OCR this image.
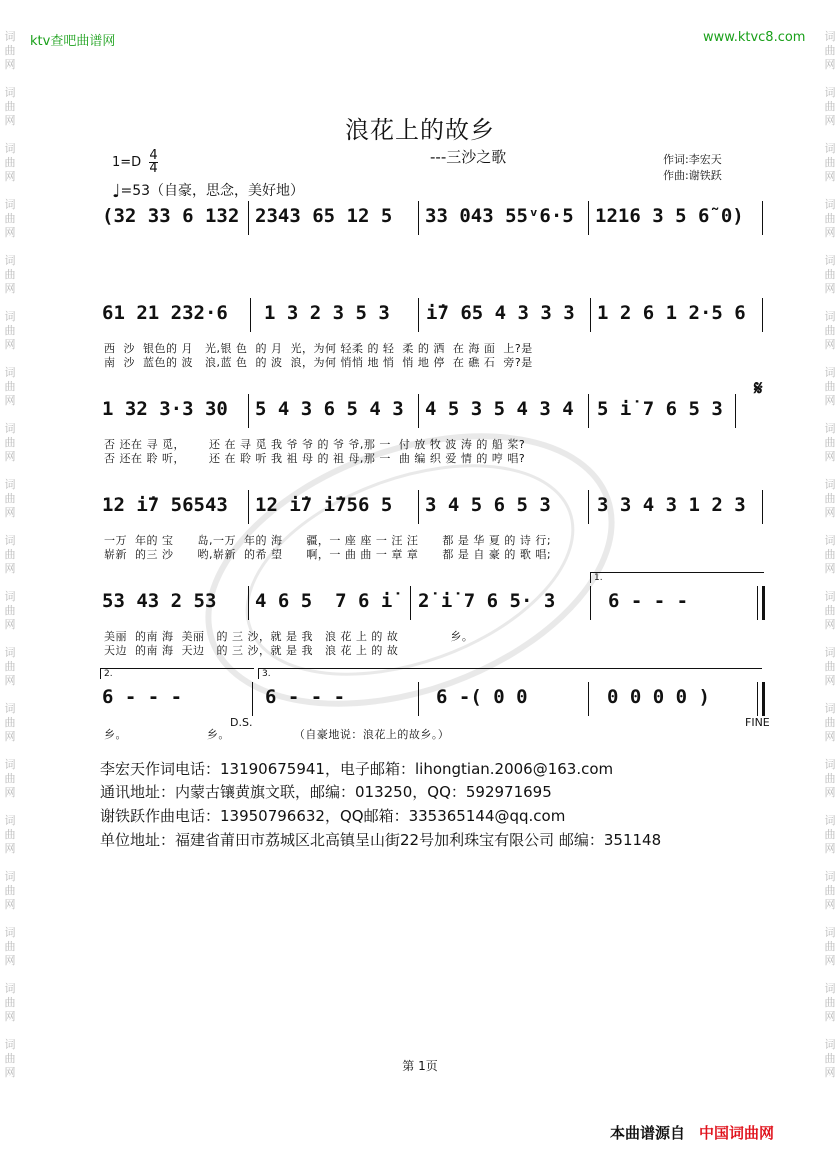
词
曲
网
词
曲
网
词
曲
网
词
曲
网
词
曲
网
词
曲
网
词
曲
网
词
曲
网
词
曲
网
词
曲
网
词
曲
网
词
曲
网
词
曲
网
词
曲
网
词
曲
网
词
曲
网
词
曲
网
词
曲
网
词
曲
网
词
曲
网
词
曲
网
词
曲
网
词
曲
网
词
曲
网
词
曲
网
词
曲
网
词
曲
网
词
曲
网
词
曲
网
词
曲
网
词
曲
网
词
曲
网
词
曲
网
词
曲
网
词
曲
网
词
曲
网
词
曲
网
词
曲
网
ktv查吧曲谱网	www.ktvc8.com
浪花上的故乡
---三沙之歌	作词:李宏天
作曲:谢铁跃
$1=D \frac{4}{4}$
♩=53（自豪，思念，美好地）
(32 33 6 132 2343 65 12 5 33 043 55ᵛ6·5 1216 3 5 6̃ 0)
61 21 232·6 1 3 2 3 5 3 i̇7 65 4 3 3 3 1 2 6 1 2·5 6
西  沙  银色的 月   光,银 色  的 月  光，为何 轻柔 的 轻  柔 的 洒  在 海 面  上?是
南  沙  蓝色的 波   浪,蓝 色  的 波  浪，为何 悄悄 地 悄  悄 地 停  在 礁 石  旁?是
1 32 3·3 30 5 4 3 6 5 4 3 4 5 3 5 4 3 4 5 i̇ 7 6 5 3
𝄋
否 还在 寻 觅，      还 在 寻 觅 我 爷 爷 的 爷 爷,那 一  付 放 牧 波 涛 的 船 桨?
否 还在 聆 听，      还 在 聆 听 我 祖 母 的 祖 母,那 一  曲 编 织 爱 情 的 哼 唱?
12 i̇7 56543 12 i̇7 i̇756 5 3 4 5 6 5 3 3 3 4 3 1 2 3
一万  年的 宝      岛,一万  年的 海      疆，一 座 座 一 汪 汪      都 是 华 夏 的 诗 行;
崭新  的三 沙      哟,崭新  的希 望      啊，一 曲 曲 一 章 章      都 是 自 豪 的 歌 唱;
1.
53 43 2 53 4 6 5  7 6 i̇ 2̇ i̇ 7 6 5· 3	6 - - -
美丽  的南 海  美丽   的 三 沙，就 是 我   浪 花 上 的 故             乡。
天边  的南 海  天边   的 三 沙，就 是 我   浪 花 上 的 故
2.	3.
6 - - -	6 - - -	6 -( 0 0	0 0 0 0 )
D.S.	FINE
乡。                    乡。                （自豪地说：浪花上的故乡。）
李宏天作词电话：13190675941，电子邮箱：lihongtian.2006@163.com
通讯地址：内蒙古镶黄旗文联，邮编：013250，QQ：592971695
谢铁跃作曲电话：13950796632，QQ邮箱：335365144@qq.com
单位地址：福建省莆田市荔城区北高镇呈山街22号加利珠宝有限公司 邮编：351148
第 1页
本曲谱源自 中国词曲网
